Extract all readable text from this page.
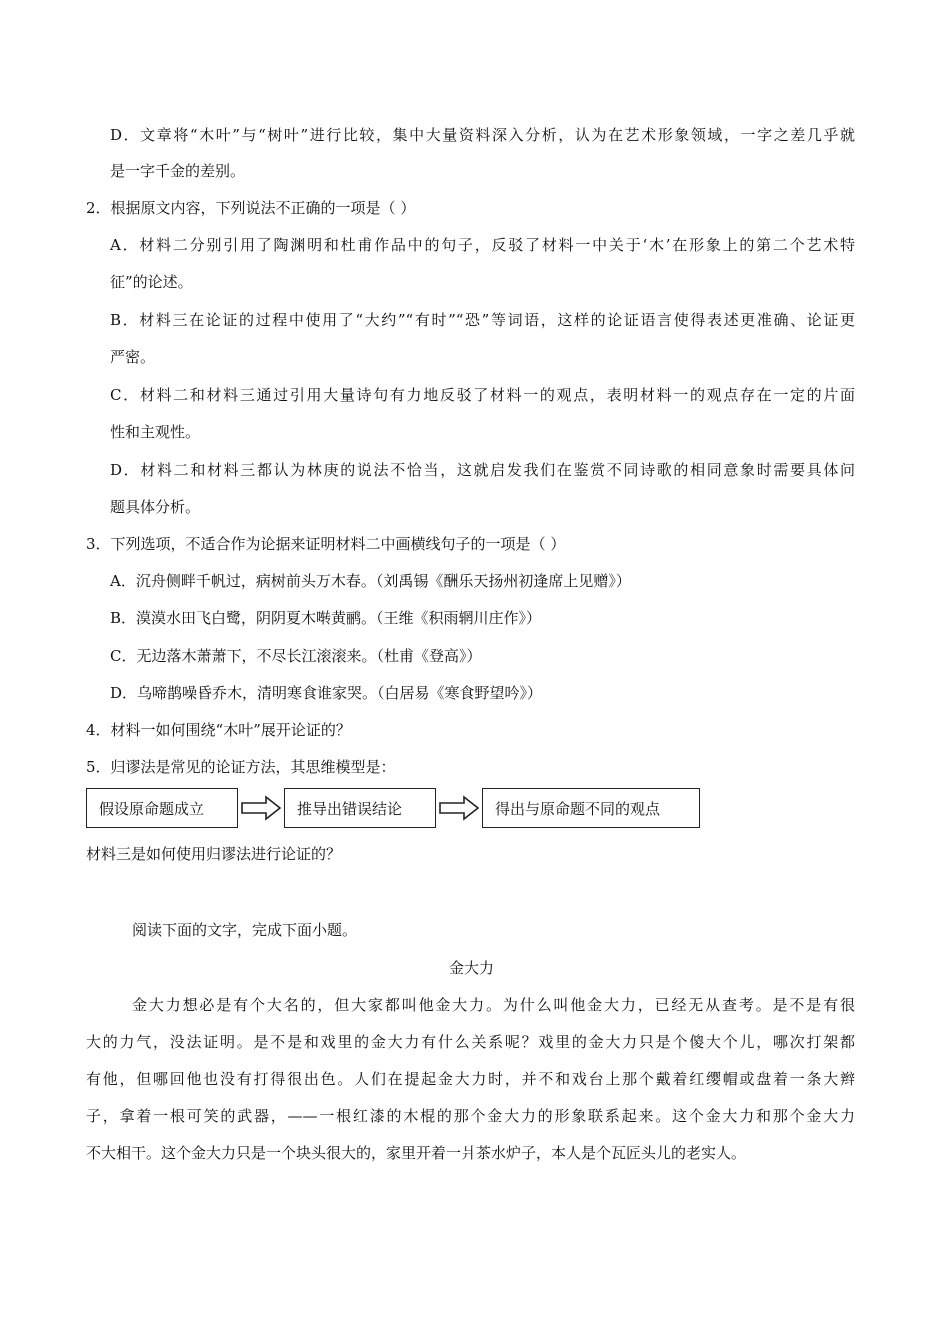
D．文章将“木叶”与“树叶”进行比较，集中大量资料深入分析，认为在艺术形象领域，一字之差几乎就
是一字千金的差别。
2．根据原文内容，下列说法不正确的一项是（ ）
A．材料二分别引用了陶渊明和杜甫作品中的句子，反驳了材料一中关于‘木’在形象上的第二个艺术特
征”的论述。
B．材料三在论证的过程中使用了“大约”“有时”“恐”等词语，这样的论证语言使得表述更准确、论证更
严密。
C．材料二和材料三通过引用大量诗句有力地反驳了材料一的观点，表明材料一的观点存在一定的片面
性和主观性。
D．材料二和材料三都认为林庚的说法不恰当，这就启发我们在鉴赏不同诗歌的相同意象时需要具体问
题具体分析。
3．下列选项，不适合作为论据来证明材料二中画横线句子的一项是（ ）
A．沉舟侧畔千帆过，病树前头万木春。（刘禹锡《酬乐天扬州初逢席上见赠》）
B．漠漠水田飞白鹭，阴阴夏木啭黄鹂。（王维《积雨辋川庄作》）
C．无边落木萧萧下，不尽长江滚滚来。（杜甫《登高》）
D．乌啼鹊噪昏乔木，清明寒食谁家哭。（白居易《寒食野望吟》）
4．材料一如何围绕“木叶”展开论证的？
5．归谬法是常见的论证方法，其思维模型是：
假设原命题成立	推导出错误结论	得出与原命题不同的观点
材料三是如何使用归谬法进行论证的？
阅读下面的文字，完成下面小题。
金大力
金大力想必是有个大名的，但大家都叫他金大力。为什么叫他金大力，已经无从查考。是不是有很
大的力气，没法证明。是不是和戏里的金大力有什么关系呢？戏里的金大力只是个傻大个儿，哪次打架都
有他，但哪回他也没有打得很出色。人们在提起金大力时，并不和戏台上那个戴着红缨帽或盘着一条大辫
子，拿着一根可笑的武器，——一根红漆的木棍的那个金大力的形象联系起来。这个金大力和那个金大力
不大相干。这个金大力只是一个块头很大的，家里开着一爿茶水炉子，本人是个瓦匠头儿的老实人。
